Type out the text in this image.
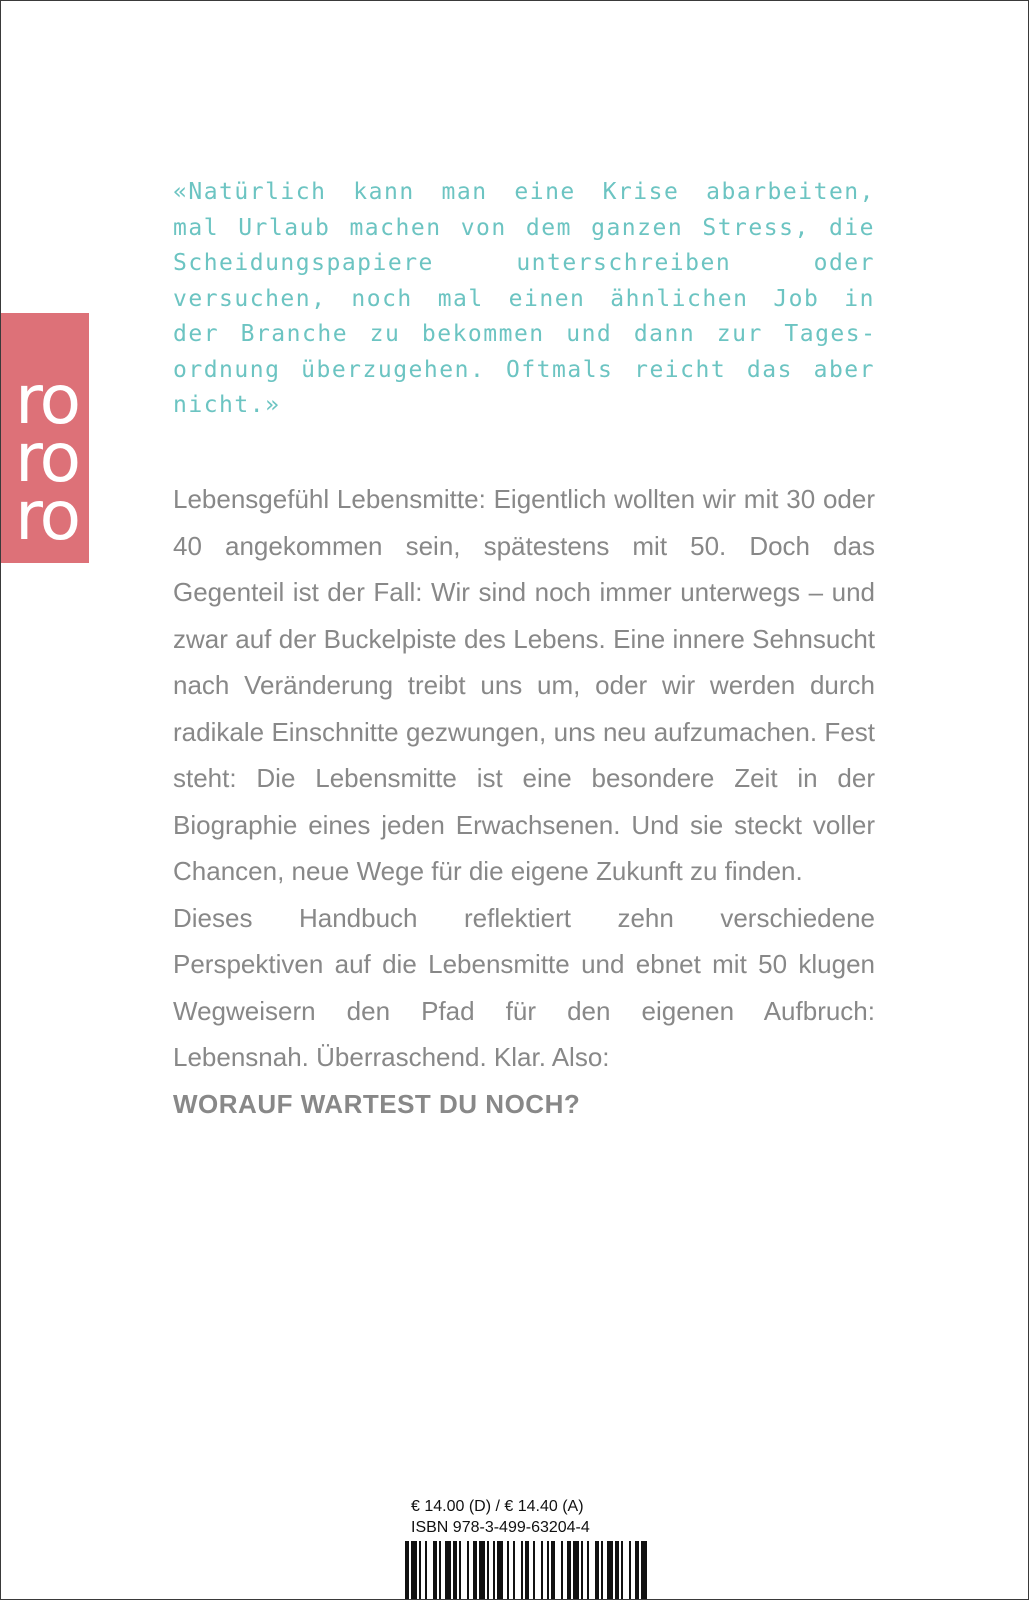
ro
ro
ro

«Natürlich kann man eine Krise abarbeiten, mal Urlaub machen von dem ganzen Stress, die Scheidungspapiere unterschreiben oder versuchen, noch mal einen ähnlichen Job in der Branche zu bekommen und dann zur Tagesordnung überzugehen. Oftmals reicht das aber nicht.»

Lebensgefühl Lebensmitte: Eigentlich wollten wir mit 30 oder 40 angekommen sein, spätestens mit 50. Doch das Gegenteil ist der Fall: Wir sind noch immer unterwegs – und zwar auf der Buckelpiste des Lebens. Eine innere Sehnsucht nach Veränderung treibt uns um, oder wir werden durch radikale Einschnitte gezwungen, uns neu aufzumachen. Fest steht: Die Lebensmitte ist eine besondere Zeit in der Biographie eines jeden Erwachsenen. Und sie steckt voller Chancen, neue Wege für die eigene Zukunft zu finden.

Dieses Handbuch reflektiert zehn verschiedene Perspektiven auf die Lebensmitte und ebnet mit 50 klugen Wegweisern den Pfad für den eigenen Aufbruch: Lebensnah. Überraschend. Klar. Also:

WORAUF WARTEST DU NOCH?

€ 14.00 (D) / € 14.40 (A)
ISBN 978-3-499-63204-4
